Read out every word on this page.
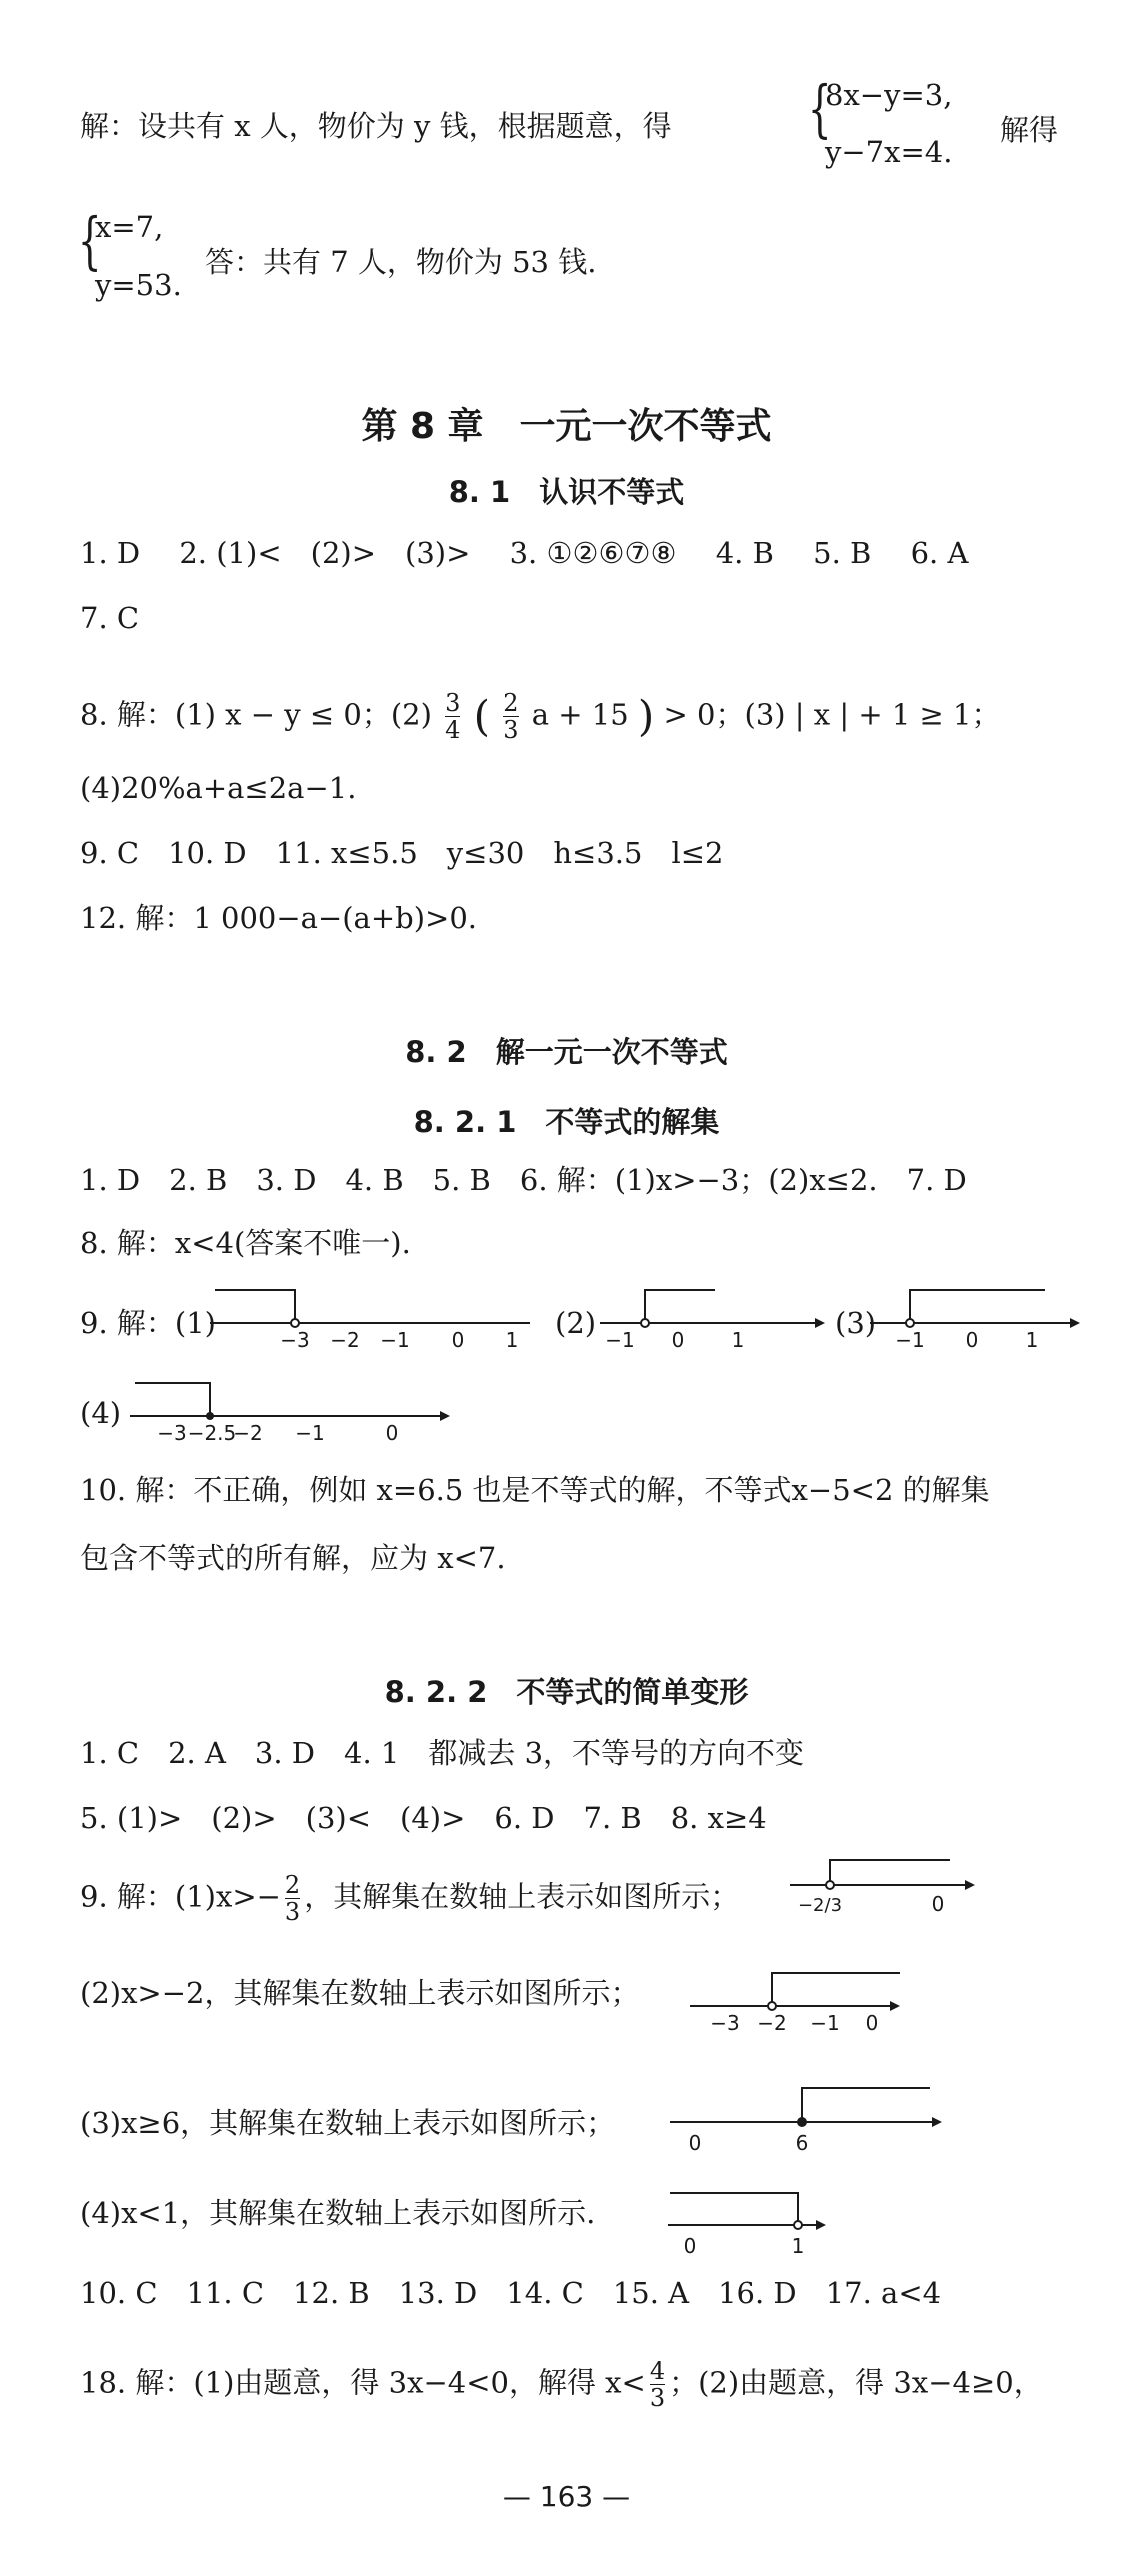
解：设共有 x 人，物价为 y 钱，根据题意，得 {
8x−y=3,
y−7x=4.
解得
{
x=7,
y=53.
答：共有 7 人，物价为 53 钱.
第 8 章　一元一次不等式
8. 1　认识不等式
1. D 2. (1)<　(2)>　(3)> 3. ①②⑥⑦⑧ 4. B 5. B 6. A
7. C
8. 解：(1) x − y ≤ 0；$(2) \frac{3}{4}$ ( $\frac{2}{3}$ a + 15 ) > 0；(3) | x | + 1 ≥ 1；
(4)20%a+a≤2a−1.
9. C　10. D　11. x≤5.5　y≤30　h≤3.5　l≤2
12. 解：1 000−a−(a+b)>0.
8. 2　解一元一次不等式
8. 2. 1　不等式的解集
1. D　2. B　3. D　4. B　5. B　6. 解：(1)x>−3；(2)x≤2.　7. D
8. 解：x<4(答案不唯一).
9. 解：(1)	(2)	(3)
(4)
−3 −2 −1 0 1	−1 0 1	−1 0 1
−3 −2.5
−2 −1	0
10. 解：不正确，例如 x=6.5 也是不等式的解，不等式x−5<2 的解集
包含不等式的所有解，应为 x<7.
8. 2. 2　不等式的简单变形
1. C　2. A　3. D　4. 1　都减去 3，不等号的方向不变
5. (1)>　(2)>　(3)<　(4)>　6. D　7. B　8. x≥4
9. 解：$(1)x>- \frac{2}{3}$ ，其解集在数轴上表示如图所示；	−2/3	0
(2)x>−2，其解集在数轴上表示如图所示；
−3 −2 −1 0
(3)x≥6，其解集在数轴上表示如图所示；
0	6
(4)x<1，其解集在数轴上表示如图所示.
0	1
10. C　11. C　12. B　13. D　14. C　15. A　16. D　17. a<4
18. 解：(1)由题意，得 3x−4<0，解得 $x< \frac{4}{3}$ ；(2)由题意，得 3x−4≥0，
— 163 —
